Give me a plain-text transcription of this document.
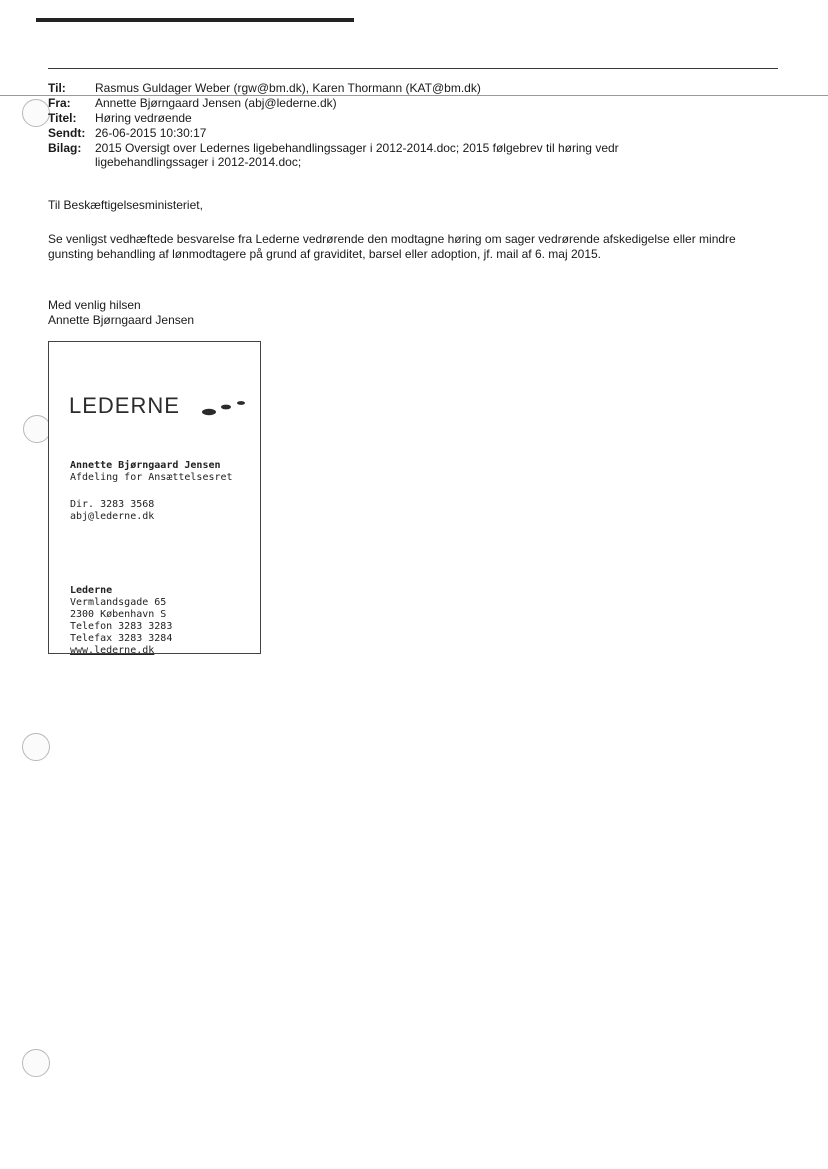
Til: Rasmus Guldager Weber (rgw@bm.dk), Karen Thormann (KAT@bm.dk)
Fra: Annette Bjørngaard Jensen (abj@lederne.dk)
Titel: Høring vedrøende
Sendt: 26-06-2015 10:30:17
Bilag: 2015 Oversigt over Ledernes ligebehandlingssager i 2012-2014.doc; 2015 følgebrev til høring vedr ligebehandlingssager i 2012-2014.doc;
Til Beskæftigelsesministeriet,
Se venligst vedhæftede besvarelse fra Lederne vedrørende den modtagne høring om sager vedrørende afskedigelse eller mindre gunsting behandling af lønmodtagere på grund af graviditet, barsel eller adoption, jf. mail af 6. maj 2015.
Med venlig hilsen
Annette Bjørngaard Jensen
LEDERNE
Annette Bjørngaard Jensen
Afdeling for Ansættelsesret
Dir. 3283 3568
abj@lederne.dk
Lederne
Vermlandsgade 65
2300 København S
Telefon 3283 3283
Telefax 3283 3284
www.lederne.dk
